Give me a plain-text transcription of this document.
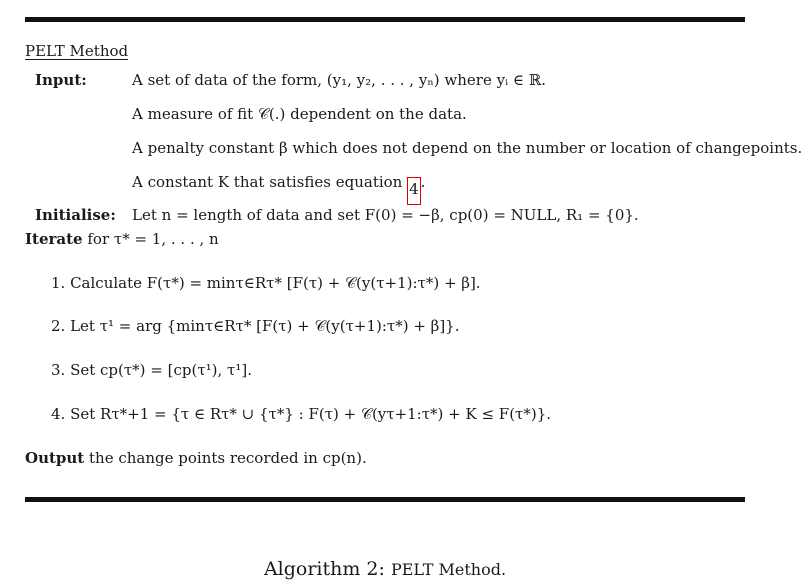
PELT Method
Input:	A set of data of the form, (y₁, y₂, . . . , yₙ) where yᵢ ∈ ℝ.
A measure of fit 𝒞(.) dependent on the data.
A penalty constant β which does not depend on the number or location of changepoints.
A constant K that satisfies equation 4 .
Initialise: Let n = length of data and set F(0) = −β, cp(0) = NULL, R₁ = {0}.
Iterate for τ* = 1, . . . , n
1. Calculate F(τ*) = minτ∈Rτ* [F(τ) + 𝒞(y(τ+1):τ*) + β].
2. Let τ¹ = arg {minτ∈Rτ* [F(τ) + 𝒞(y(τ+1):τ*) + β]}.
3. Set cp(τ*) = [cp(τ¹), τ¹].
4. Set Rτ*+1 = {τ ∈ Rτ* ∪ {τ*} : F(τ) + 𝒞(yτ+1:τ*) + K ≤ F(τ*)}.
Output the change points recorded in cp(n).
Algorithm 2: PELT Method.
